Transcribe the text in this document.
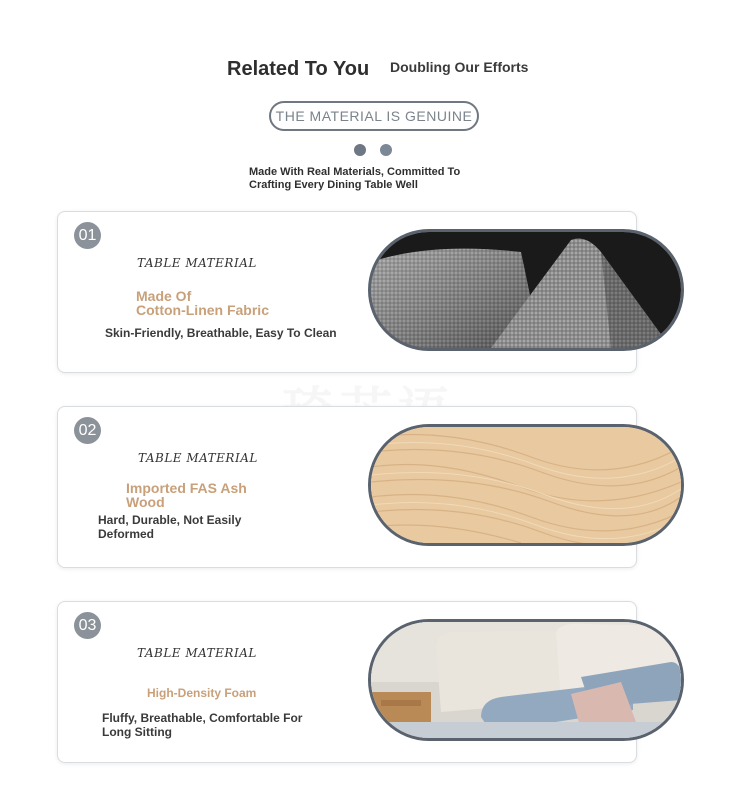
Related To You Doubling Our Efforts
THE MATERIAL IS GENUINE
Made With Real Materials, Committed To Crafting Every Dining Table Well
01
TABLE MATERIAL
Made Of
Cotton-Linen Fabric
Skin-Friendly, Breathable, Easy To Clean
02
TABLE MATERIAL
Imported FAS Ash
Wood
Hard, Durable, Not Easily
Deformed
03
TABLE MATERIAL
High-Density Foam
Fluffy, Breathable, Comfortable For
Long Sitting
